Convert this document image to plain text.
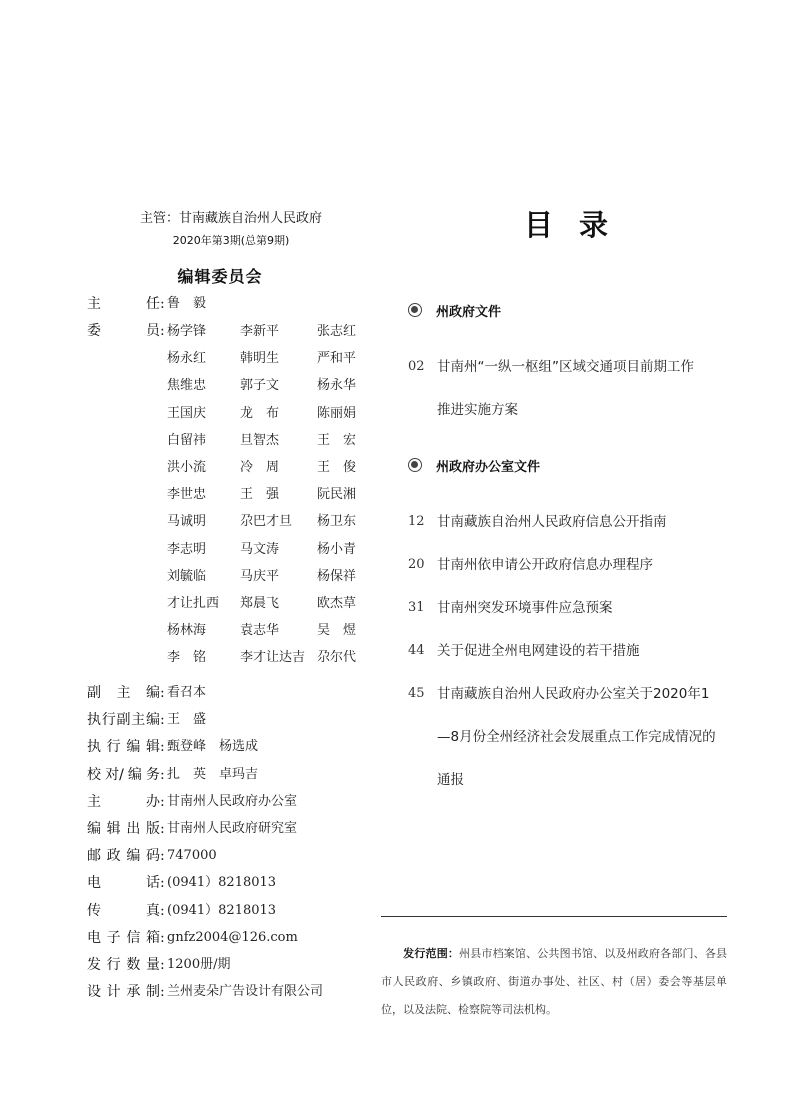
主管：甘南藏族自治州人民政府
2020年第3期(总第9期)
编辑委员会
主	任 : 鲁　毅
委	员 : 杨学锋	李新平	张志红
杨永红	韩明生	严和平
焦维忠	郭子文	杨永华
王国庆	龙　布	陈丽娟
白留祎	旦智杰	王　宏
洪小流	冷　周	王　俊
李世忠	王　强	阮民湘
马诚明	尕巴才旦 杨卫东
李志明	马文涛	杨小青
刘毓临	马庆平	杨保祥
才让扎西 郑晨飞	欧杰草
杨林海	袁志华	吴　煜
李　铭	李才让达吉 尕尔代
副 主 编 : 看召本
执 行 副 主 编 : 王　盛
执 行 编 辑 : 甄登峰　杨选成
校 对/ 编 务 : 扎　英　卓玛吉
主	办 : 甘南州人民政府办公室
编 辑 出 版 : 甘南州人民政府研究室
邮 政 编 码 : 747000
电	话 : (0941）8218013
传	真 : (0941）8218013
电 子 信 箱 : gnfz2004@126.com
发 行 数 量 : 1200册/期
设 计 承 制 : 兰州麦朵广告设计有限公司
目录
州政府文件
02 甘南州“一纵一枢组”区域交通项目前期工作
推进实施方案
州政府办公室文件
12 甘南藏族自治州人民政府信息公开指南
20 甘南州依申请公开政府信息办理程序
31 甘南州突发环境事件应急预案
44 关于促进全州电网建设的若干措施
45 甘南藏族自治州人民政府办公室关于2020年1
—8月份全州经济社会发展重点工作完成情况的
通报
发行范围：州县市档案馆、公共图书馆、以及州政府各部门、各县市人民政府、乡镇政府、街道办事处、社区、村（居）委会等基层单位，以及法院、检察院等司法机构。
